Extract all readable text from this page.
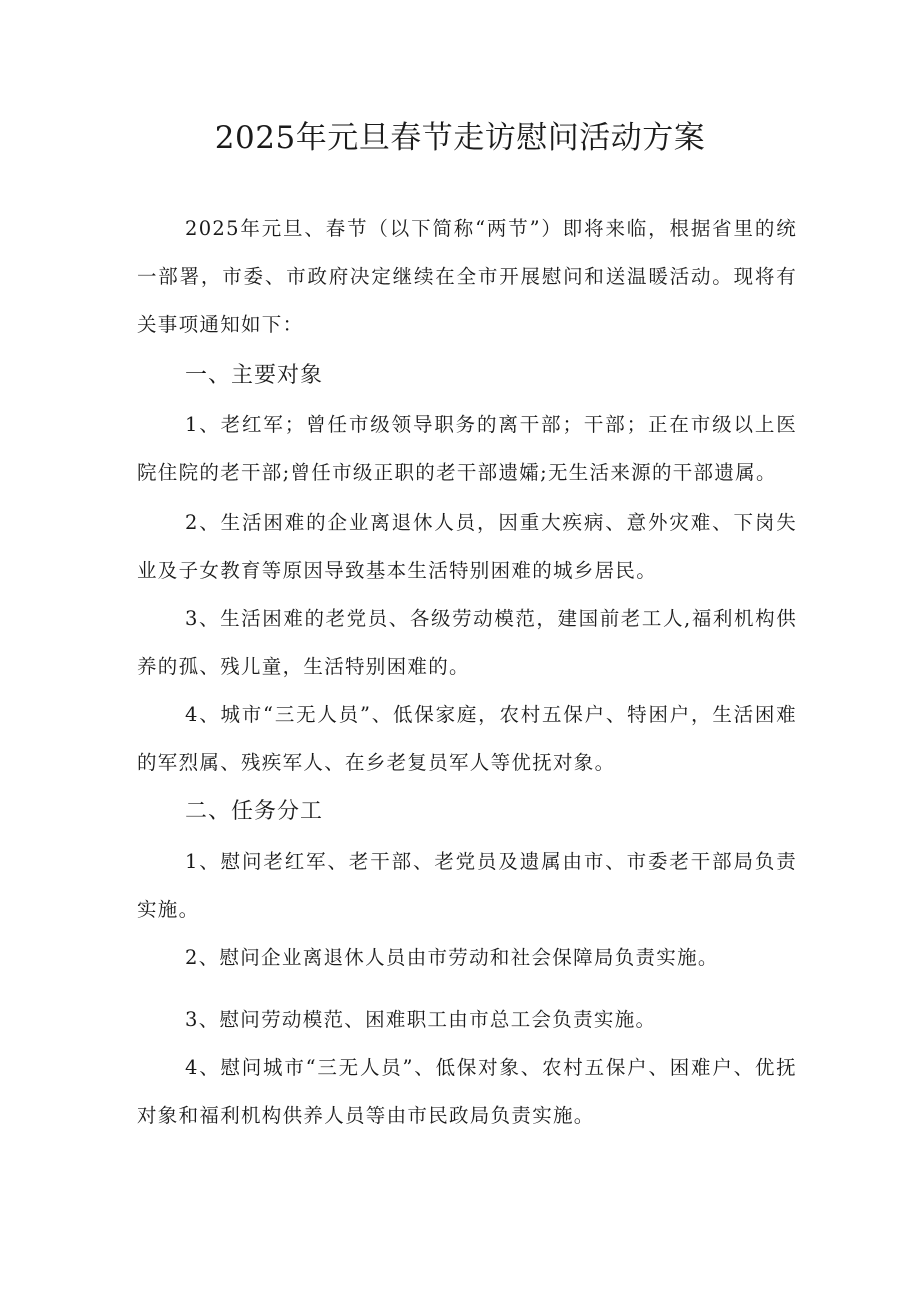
2025年元旦春节走访慰问活动方案

2025年元旦、春节（以下简称“两节”）即将来临，根据省里的统一部署，市委、市政府决定继续在全市开展慰问和送温暖活动。现将有关事项通知如下：

一、主要对象

1、老红军；曾任市级领导职务的离干部；干部；正在市级以上医院住院的老干部;曾任市级正职的老干部遗孀;无生活来源的干部遗属。

2、生活困难的企业离退休人员，因重大疾病、意外灾难、下岗失业及子女教育等原因导致基本生活特别困难的城乡居民。

3、生活困难的老党员、各级劳动模范，建国前老工人,福利机构供养的孤、残儿童，生活特别困难的。

4、城市“三无人员”、低保家庭，农村五保户、特困户，生活困难的军烈属、残疾军人、在乡老复员军人等优抚对象。

二、任务分工

1、慰问老红军、老干部、老党员及遗属由市、市委老干部局负责实施。

2、慰问企业离退休人员由市劳动和社会保障局负责实施。

3、慰问劳动模范、困难职工由市总工会负责实施。

4、慰问城市“三无人员”、低保对象、农村五保户、困难户、优抚对象和福利机构供养人员等由市民政局负责实施。
